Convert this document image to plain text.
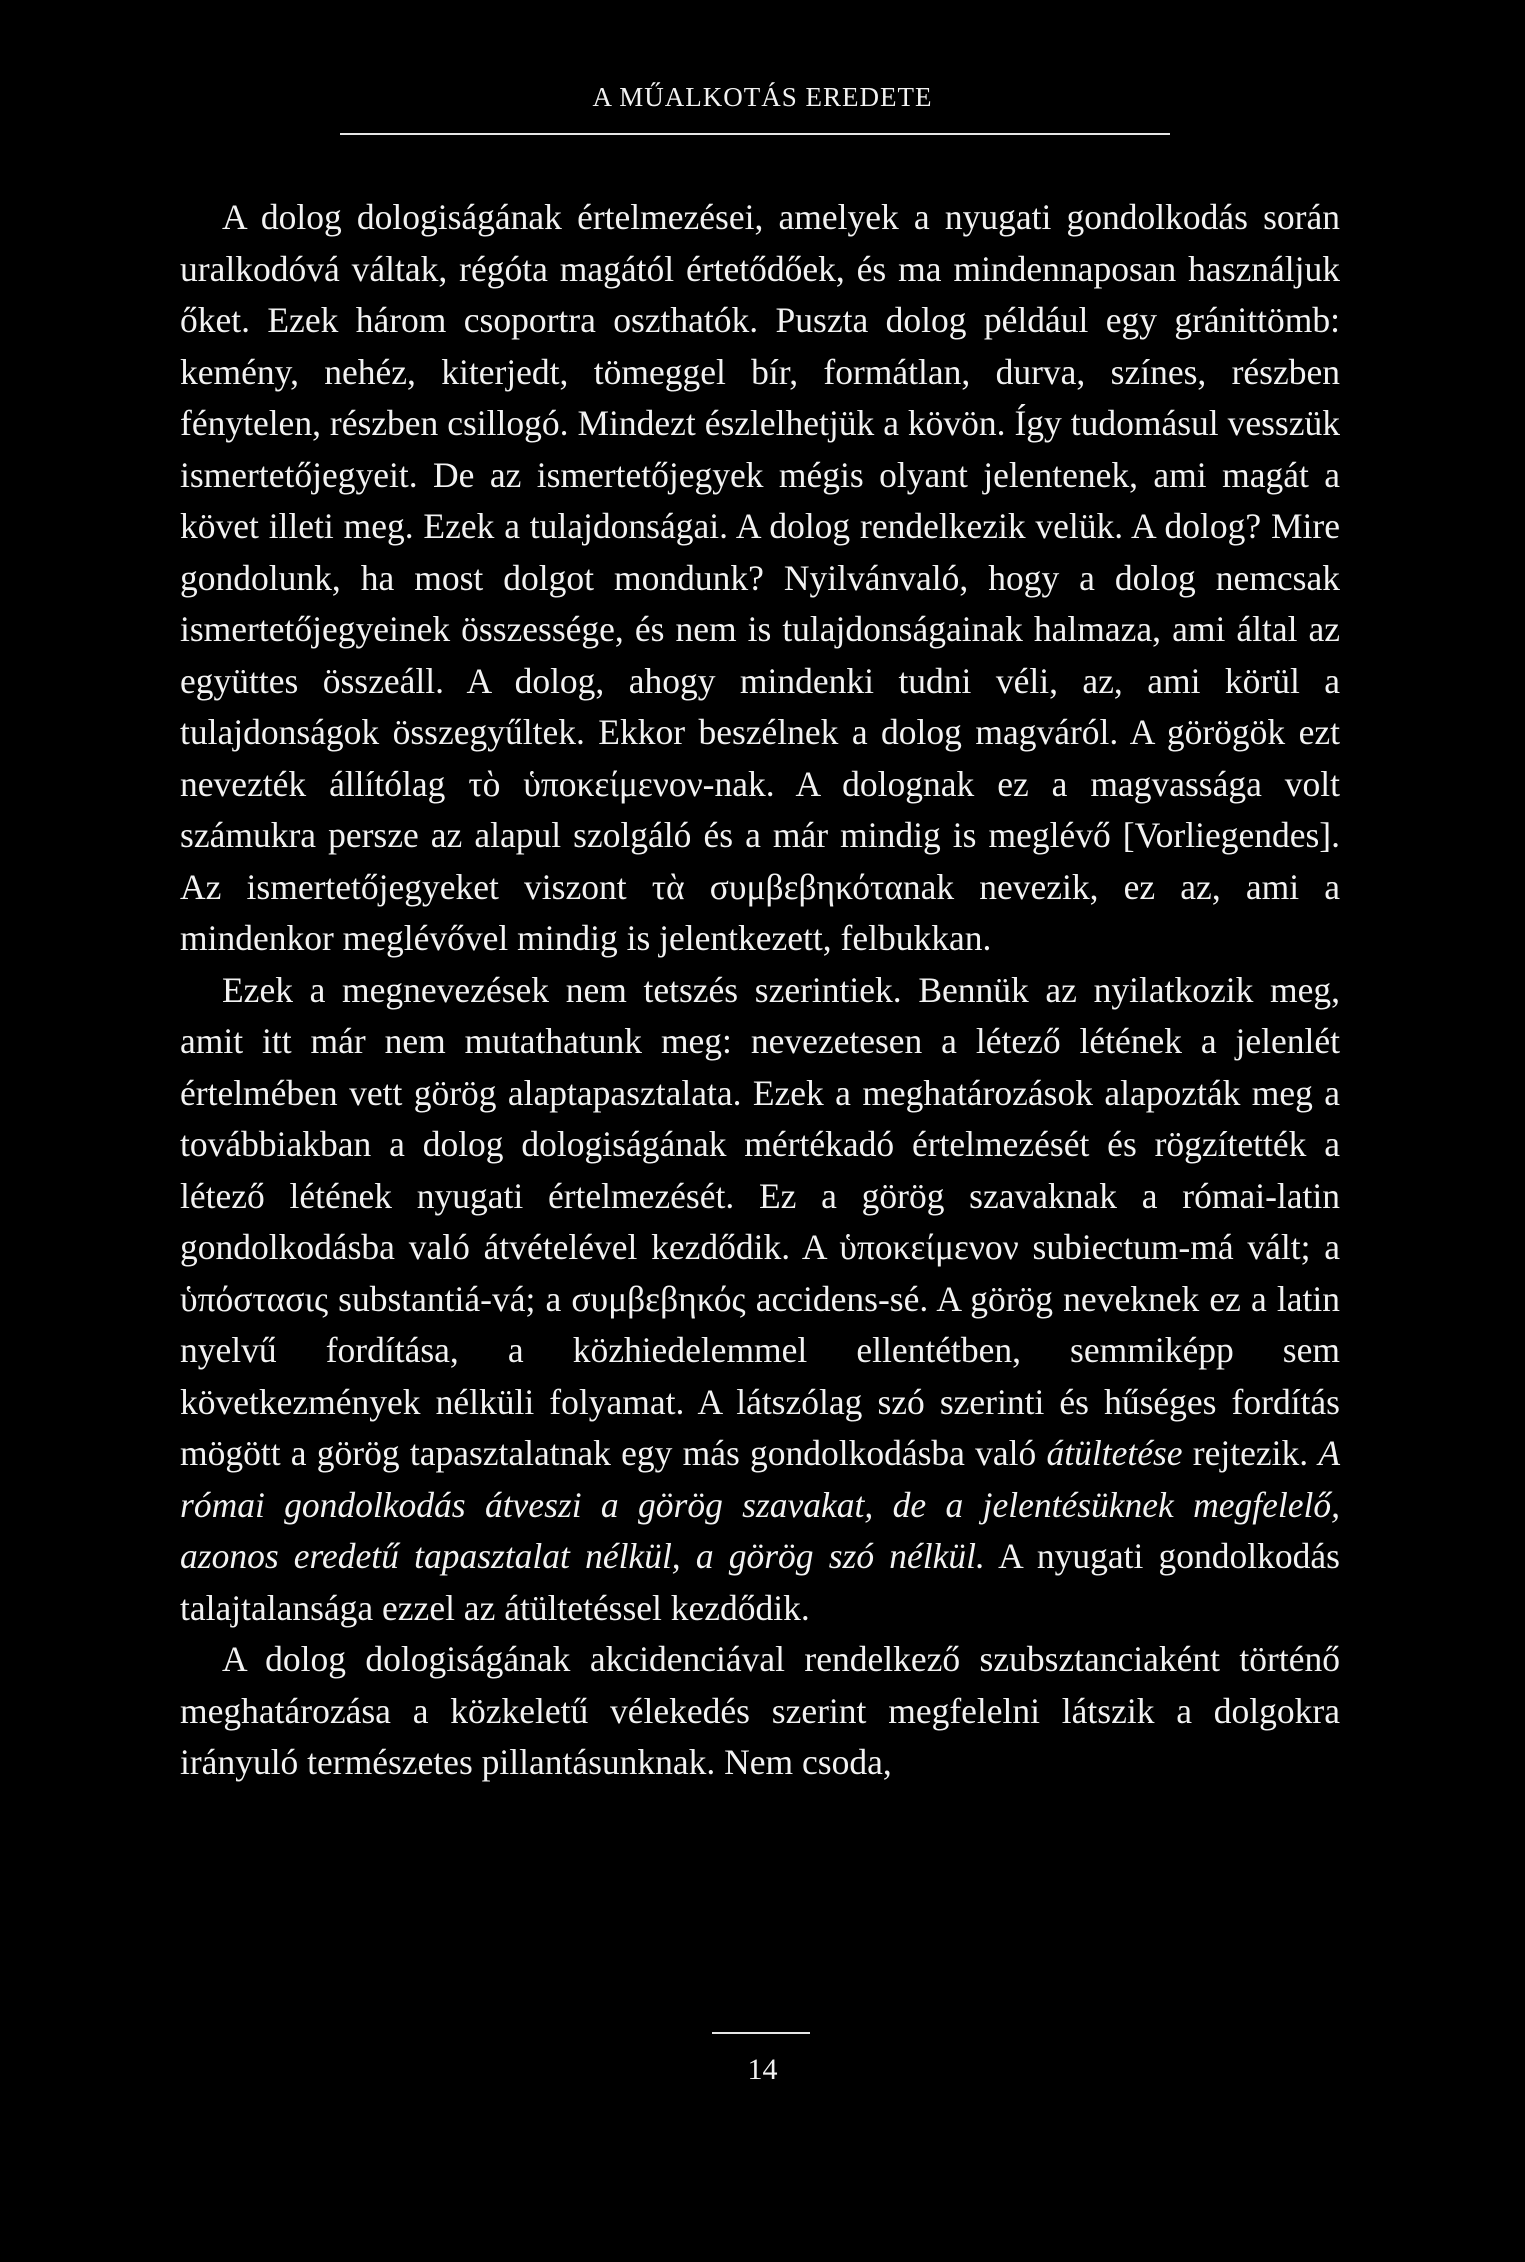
A MŰALKOTÁS EREDETE

A dolog dologiságának értelmezései, amelyek a nyugati gondolkodás során uralkodóvá váltak, régóta magától értetődőek, és ma mindennaposan használjuk őket. Ezek három csoportra oszthatók. Puszta dolog például egy gránittömb: kemény, nehéz, kiterjedt, tömeggel bír, formátlan, durva, színes, részben fénytelen, részben csillogó. Mindezt észlelhetjük a kövön. Így tudomásul vesszük ismertetőjegyeit. De az ismertetőjegyek mégis olyant jelentenek, ami magát a követ illeti meg. Ezek a tulajdonságai. A dolog rendelkezik velük. A dolog? Mire gondolunk, ha most dolgot mondunk? Nyilvánvaló, hogy a dolog nemcsak ismertetőjegyeinek összessége, és nem is tulajdonságainak halmaza, ami által az együttes összeáll. A dolog, ahogy mindenki tudni véli, az, ami körül a tulajdonságok összegyűltek. Ekkor beszélnek a dolog magváról. A görögök ezt nevezték állítólag τὸ ὑποκείμενον-nak. A dolognak ez a magvassága volt számukra persze az alapul szolgáló és a már mindig is meglévő [Vorliegendes]. Az ismertetőjegyeket viszont τὰ συμβεβηκόταnak nevezik, ez az, ami a mindenkor meglévővel mindig is jelentkezett, felbukkan.

Ezek a megnevezések nem tetszés szerintiek. Bennük az nyilatkozik meg, amit itt már nem mutathatunk meg: nevezetesen a létező létének a jelenlét értelmében vett görög alaptapasztalata. Ezek a meghatározások alapozták meg a továbbiakban a dolog dologiságának mértékadó értelmezését és rögzítették a létező létének nyugati értelmezését. Ez a görög szavaknak a római-latin gondolkodásba való átvételével kezdődik. A ὑποκείμενον subiectum-má vált; a ὑπόστασις substantiá-vá; a συμβεβηκός accidens-sé. A görög neveknek ez a latin nyelvű fordítása, a közhiedelemmel ellentétben, semmiképp sem következmények nélküli folyamat. A látszólag szó szerinti és hűséges fordítás mögött a görög tapasztalatnak egy más gondolkodásba való átültetése rejtezik. A római gondolkodás átveszi a görög szavakat, de a jelentésüknek megfelelő, azonos eredetű tapasztalat nélkül, a görög szó nélkül. A nyugati gondolkodás talajtalansága ezzel az átültetéssel kezdődik.

A dolog dologiságának akcidenciával rendelkező szubsztanciaként történő meghatározása a közkeletű vélekedés szerint megfelelni látszik a dolgokra irányuló természetes pillantásunknak. Nem csoda,

14
